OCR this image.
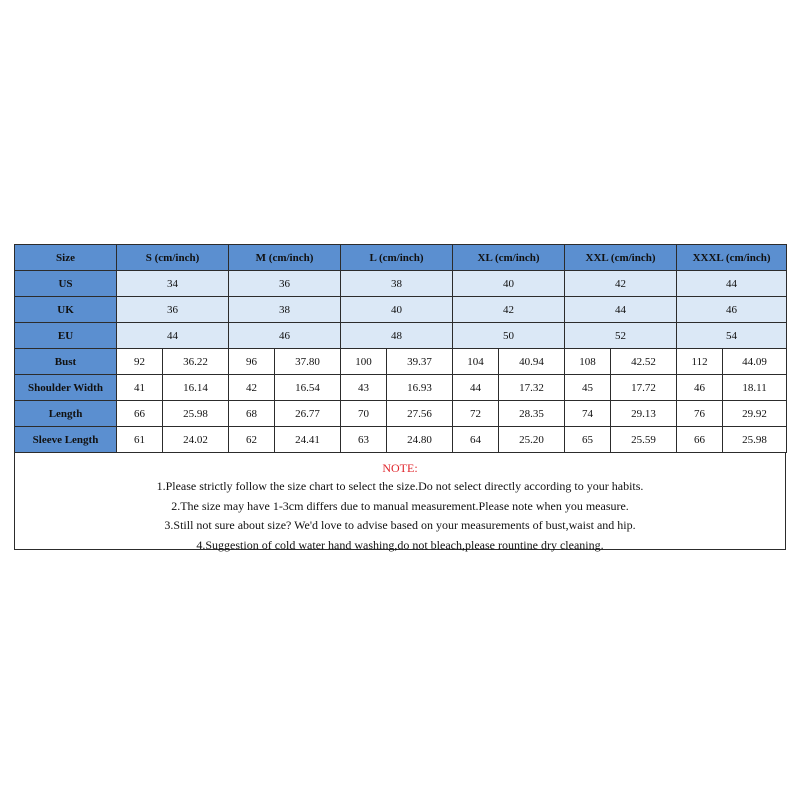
Size	S (cm/inch)		M (cm/inch)		L (cm/inch)		XL (cm/inch)		XXL (cm/inch)		XXXL (cm/inch)	
US	34		36		38		40		42		44	
UK	36		38		40		42		44		46	
EU	44		46		48		50		52		54	
Bust	92	36.22	96	37.80	100	39.37	104	40.94	108	42.52	112	44.09
Shoulder Width	41	16.14	42	16.54	43	16.93	44	17.32	45	17.72	46	18.11
Length	66	25.98	68	26.77	70	27.56	72	28.35	74	29.13	76	29.92
Sleeve Length	61	24.02	62	24.41	63	24.80	64	25.20	65	25.59	66	25.98
NOTE:
1.Please strictly follow the size chart to select the size.Do not select directly according to your habits.
2.The size may have 1-3cm differs due to manual measurement.Please note when you measure.
3.Still not sure about size? We'd love to advise based on your measurements of bust,waist and hip.
4.Suggestion of cold water hand washing,do not bleach,please rountine dry cleaning.
